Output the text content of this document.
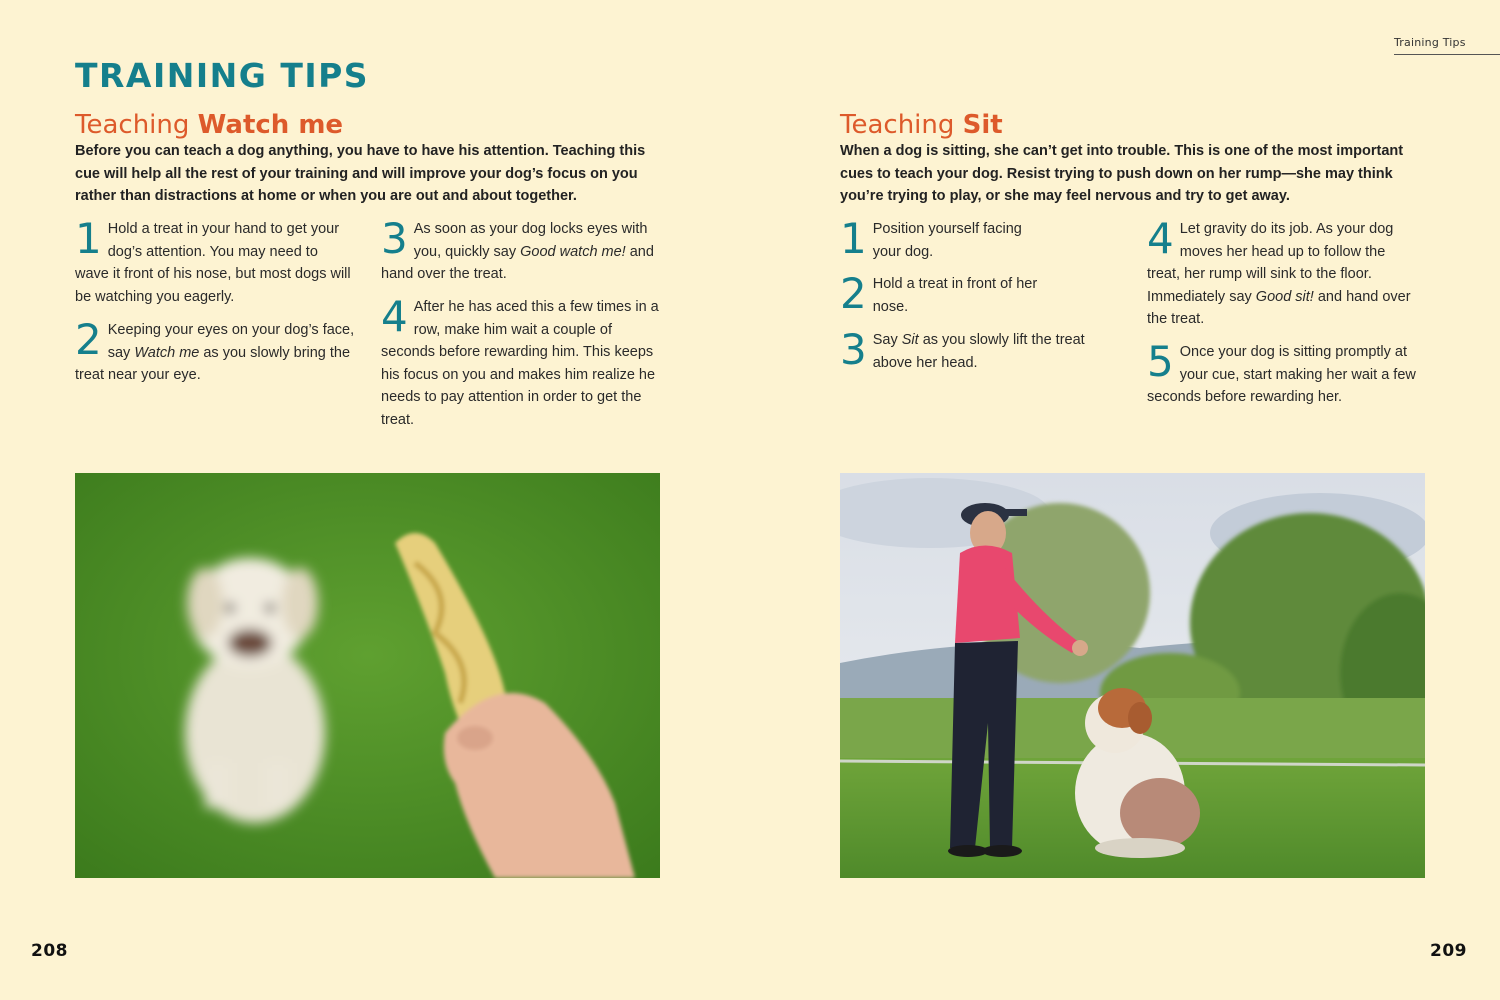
Training Tips
TRAINING TIPS
Teaching Watch me

Before you can teach a dog anything, you have to have his attention. Teaching this cue will help all the rest of your training and will improve your dog’s focus on you rather than distractions at home or when you are out and about together.

1 Hold a treat in your hand to get your dog’s attention. You may need to wave it front of his nose, but most dogs will be watching you eagerly.
2 Keeping your eyes on your dog’s face, say Watch me as you slowly bring the treat near your eye.
3 As soon as your dog locks eyes with you, quickly say Good watch me! and hand over the treat.
4 After he has aced this a few times in a row, make him wait a couple of seconds before rewarding him. This keeps his focus on you and makes him realize he needs to pay attention in order to get the treat.
208
Teaching Sit

When a dog is sitting, she can’t get into trouble. This is one of the most important cues to teach your dog. Resist trying to push down on her rump—she may think you’re trying to play, or she may feel nervous and try to get away.

1 Position yourself facing your dog.
2 Hold a treat in front of her nose.
3 Say Sit as you slowly lift the treat above her head.
4 Let gravity do its job. As your dog moves her head up to follow the treat, her rump will sink to the floor. Immediately say Good sit! and hand over the treat.
5 Once your dog is sitting promptly at your cue, start making her wait a few seconds before rewarding her.
209
